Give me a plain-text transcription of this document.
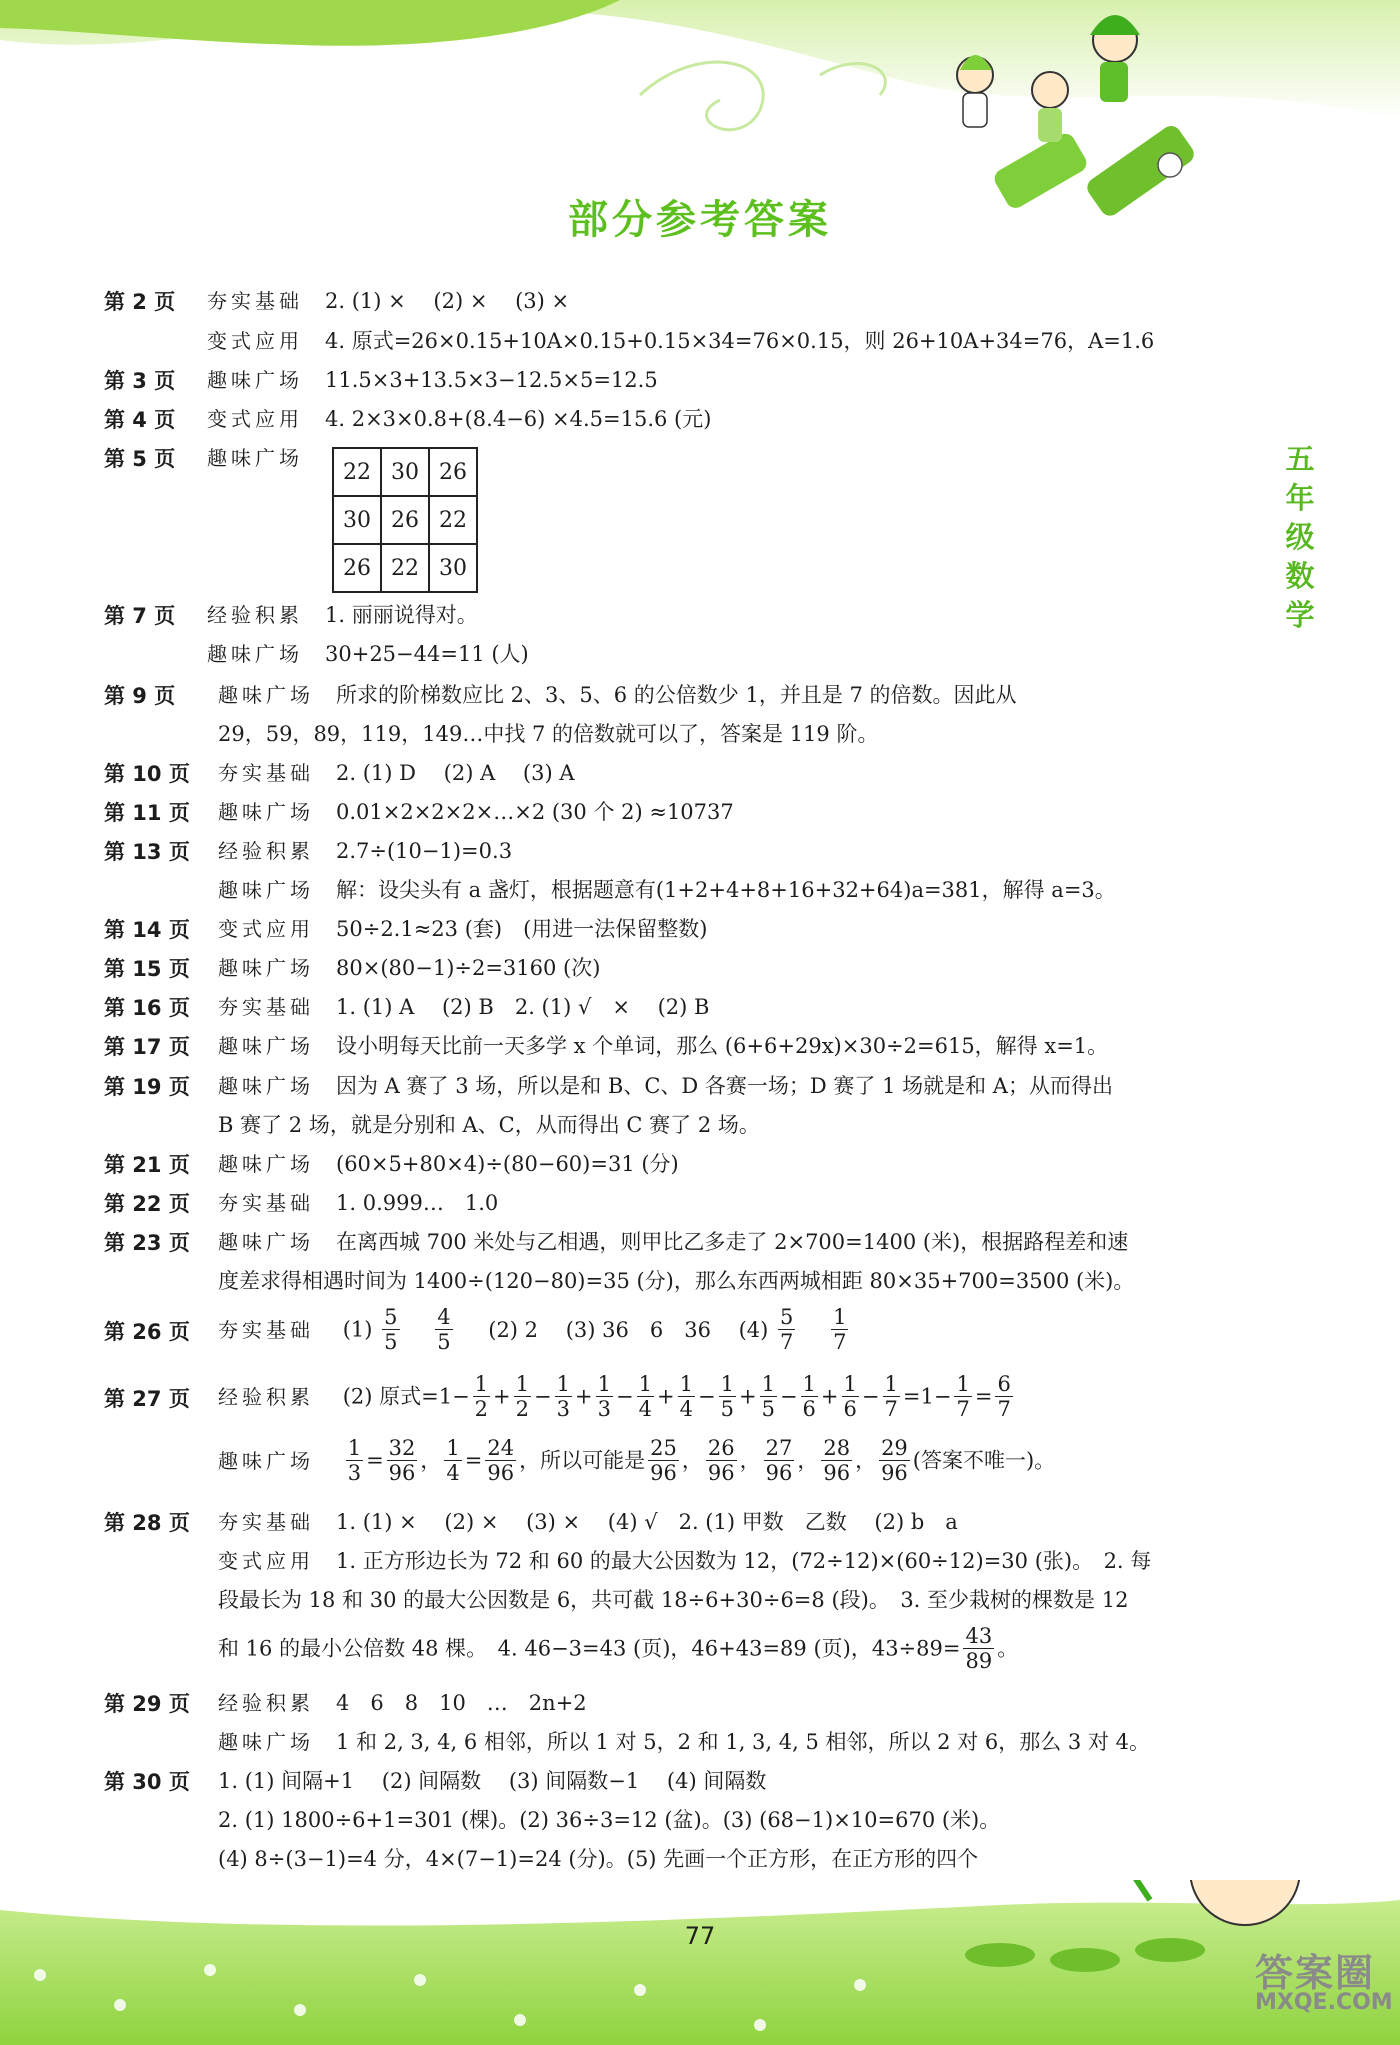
部分参考答案
五
年
级
数
学
第 2 页 夯实基础 2. (1) ×　 (2) ×　 (3) ×
变式应用 4. 原式=26×0.15+10A×0.15+0.15×34=76×0.15，则 26+10A+34=76，A=1.6
第 3 页 趣味广场 11.5×3+13.5×3−12.5×5=12.5
第 4 页 变式应用 4. 2×3×0.8+(8.4−6) ×4.5=15.6 (元)
第 5 页 趣味广场
22	30	26
30	26	22
26	22	30
第 7 页 经验积累 1. 丽丽说得对。
趣味广场 30+25−44=11 (人)
第 9 页 趣味广场 所求的阶梯数应比 2、3、5、6 的公倍数少 1，并且是 7 的倍数。因此从
29，59，89，119，149…中找 7 的倍数就可以了，答案是 119 阶。
第 10 页 夯实基础 2. (1) D　 (2) A　 (3) A
第 11 页 趣味广场 0.01×2×2×2×…×2 (30 个 2) ≈10737
第 13 页 经验积累 2.7÷(10−1)=0.3
趣味广场 解：设尖头有 a 盏灯，根据题意有(1+2+4+8+16+32+64)a=381，解得 a=3。
第 14 页 变式应用 50÷2.1≈23 (套)　(用进一法保留整数)
第 15 页 趣味广场 80×(80−1)÷2=3160 (次)
第 16 页 夯实基础 1. (1) A　 (2) B　2. (1) √　×　 (2) B
第 17 页 趣味广场 设小明每天比前一天多学 x 个单词，那么 (6+6+29x)×30÷2=615，解得 x=1。
第 19 页 趣味广场 因为 A 赛了 3 场，所以是和 B、C、D 各赛一场；D 赛了 1 场就是和 A；从而得出
B 赛了 2 场，就是分别和 A、C，从而得出 C 赛了 2 场。
第 21 页 趣味广场 (60×5+80×4)÷(80−60)=31 (分)
第 22 页 夯实基础 1. 0.999…　1.0
第 23 页 趣味广场 在离西城 700 米处与乙相遇，则甲比乙多走了 2×700=1400 (米)，根据路程差和速
度差求得相遇时间为 1400÷(120−80)=35 (分)，那么东西两城相距 80×35+700=3500 (米)。
第 26 页 夯实基础 $(1) \frac{5}{5}$
$\frac{4}{5} (2)$ 2　 (3) 36　6　36　 $(4) \frac{5}{7}$
$\frac{1}{7}$
第 27 页 经验积累 (2) 原式$=1- \frac{1}{2} + \frac{1}{2} - \frac{1}{3} + \frac{1}{3} - \frac{1}{4} + \frac{1}{4} - \frac{1}{5} + \frac{1}{5} - \frac{1}{6} + \frac{1}{6} - \frac{1}{7} =1- \frac{1}{7} = \frac{6}{7}$
趣味广场 $\frac{1}{3} = \frac{32}{96}$ ， $\frac{1}{4} = \frac{24}{96}$ ，所以可能是 $\frac{25}{96}$ ， $\frac{26}{96}$ ， $\frac{27}{96}$ ， $\frac{28}{96}$ ， $\frac{29}{96}$ (答案不唯一)。
第 28 页 夯实基础 1. (1) ×　 (2) ×　 (3) ×　 (4) √　2. (1) 甲数　乙数　 (2) b　a
变式应用 1. 正方形边长为 72 和 60 的最大公因数为 12，(72÷12)×(60÷12)=30 (张)。　2. 每
段最长为 18 和 30 的最大公因数是 6，共可截 18÷6+30÷6=8 (段)。　3. 至少栽树的棵数是 12
和 16 的最小公倍数 48 棵。　4. 46−3=43 (页)，46+43=89 (页)，$43\div 89= \frac{43}{89}$ 。
第 29 页 经验积累 4　6　8　10　…　2n+2
趣味广场 1 和 2, 3, 4, 6 相邻，所以 1 对 5，2 和 1, 3, 4, 5 相邻，所以 2 对 6，那么 3 对 4。
第 30 页 1. (1) 间隔+1　 (2) 间隔数　 (3) 间隔数−1　 (4) 间隔数
2. (1) 1800÷6+1=301 (棵)。(2) 36÷3=12 (盆)。(3) (68−1)×10=670 (米)。
(4) 8÷(3−1)=4 分，4×(7−1)=24 (分)。(5) 先画一个正方形，在正方形的四个
77
答案圈
MXQE.COM
